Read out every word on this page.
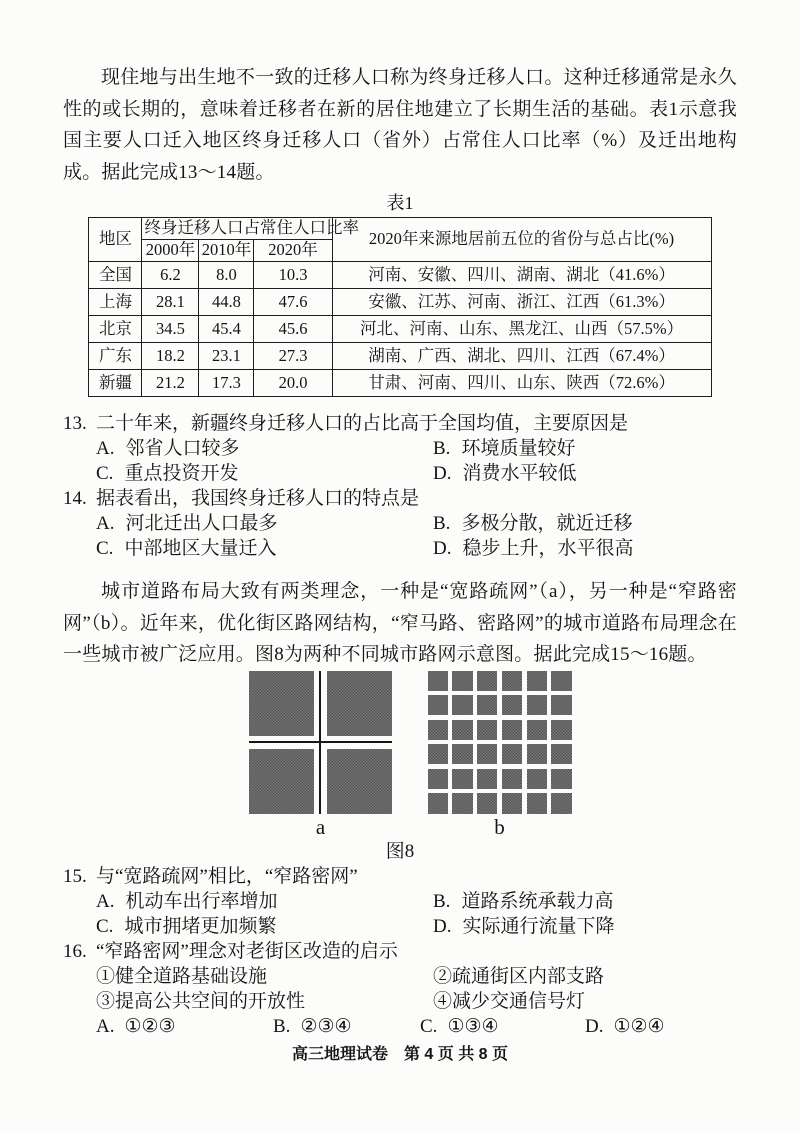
现住地与出生地不一致的迁移人口称为终身迁移人口。这种迁移通常是永久性的或长期的，意味着迁移者在新的居住地建立了长期生活的基础。表1示意我国主要人口迁入地区终身迁移人口（省外）占常住人口比率（%）及迁出地构成。据此完成13～14题。

表1
地区	终身迁移人口占常住人口比率			2020年来源地居前五位的省份与总占比(%)
	2000年	2010年	2020年	
全国	6.2	8.0	10.3	河南、安徽、四川、湖南、湖北（41.6%）
上海	28.1	44.8	47.6	安徽、江苏、河南、浙江、江西（61.3%）
北京	34.5	45.4	45.6	河北、河南、山东、黑龙江、山西（57.5%）
广东	18.2	23.1	27.3	湖南、广西、湖北、四川、江西（67.4%）
新疆	21.2	17.3	20.0	甘肃、河南、四川、山东、陕西（72.6%）
13. 二十年来，新疆终身迁移人口的占比高于全国均值，主要原因是
A. 邻省人口较多	B. 环境质量较好
C. 重点投资开发	D. 消费水平较低
14. 据表看出，我国终身迁移人口的特点是
A. 河北迁出人口最多	B. 多极分散，就近迁移
C. 中部地区大量迁入	D. 稳步上升，水平很高

城市道路布局大致有两类理念，一种是“宽路疏网”（a），另一种是“窄路密网”（b）。近年来，优化街区路网结构，“窄马路、密路网”的城市道路布局理念在一些城市被广泛应用。图8为两种不同城市路网示意图。据此完成15～16题。

a	b
图8
15. 与“宽路疏网”相比，“窄路密网”
A. 机动车出行率增加	B. 道路系统承载力高
C. 城市拥堵更加频繁	D. 实际通行流量下降
16. “窄路密网”理念对老街区改造的启示
①健全道路基础设施	②疏通街区内部支路
③提高公共空间的开放性	④减少交通信号灯
A. ①②③	B. ②③④	C. ①③④	D. ①②④
高三地理试卷　第 4 页 共 8 页
